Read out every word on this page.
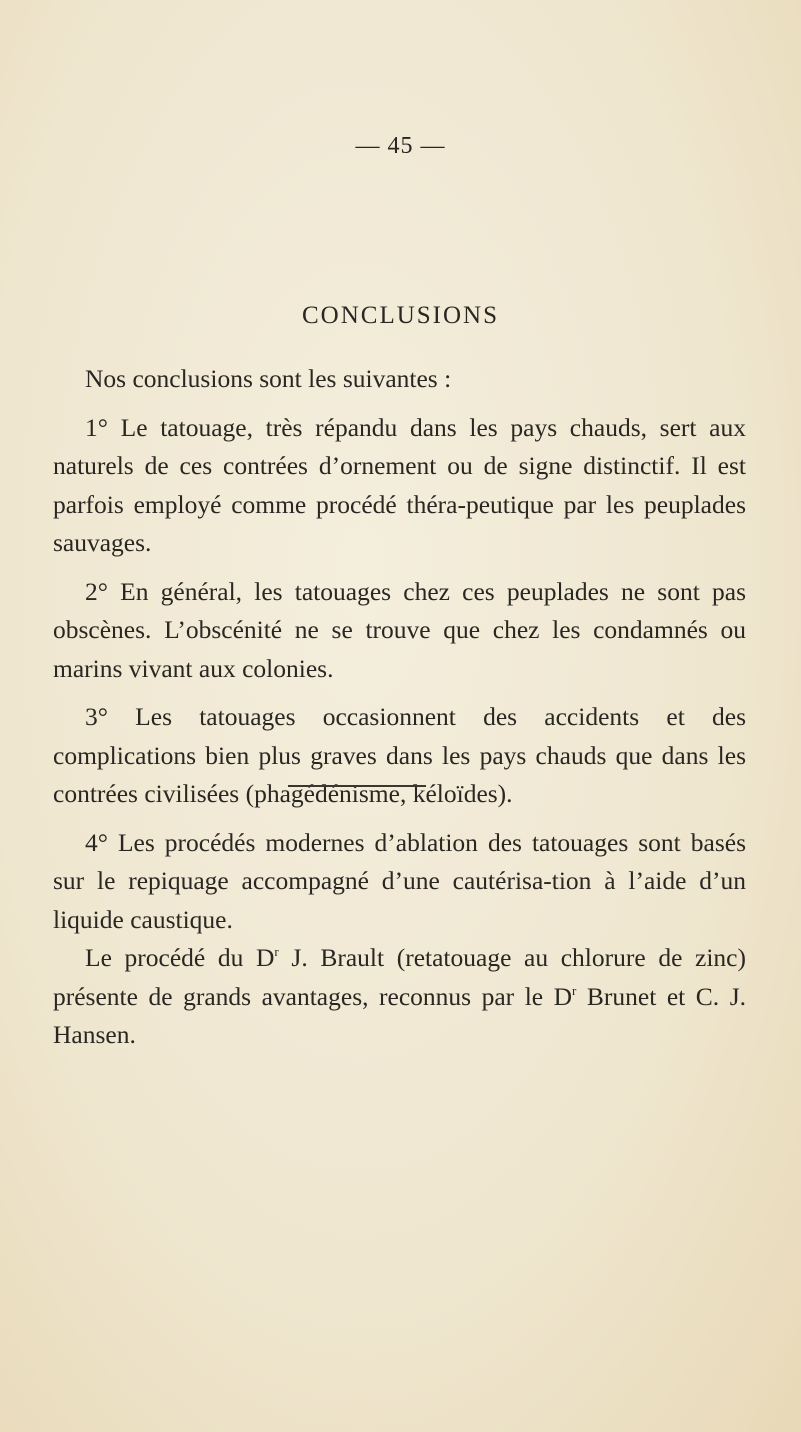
— 45 —
CONCLUSIONS

Nos conclusions sont les suivantes :

1° Le tatouage, très répandu dans les pays chauds, sert aux naturels de ces contrées d’ornement ou de signe distinctif. Il est parfois employé comme procédé théra-peutique par les peuplades sauvages.

2° En général, les tatouages chez ces peuplades ne sont pas obscènes. L’obscénité ne se trouve que chez les condamnés ou marins vivant aux colonies.

3° Les tatouages occasionnent des accidents et des complications bien plus graves dans les pays chauds que dans les contrées civilisées (phagédénisme, kéloïdes).

4° Les procédés modernes d’ablation des tatouages sont basés sur le repiquage accompagné d’une cautérisa-tion à l’aide d’un liquide caustique.

Le procédé du $D^r$ J. Brault (retatouage au chlorure de zinc) présente de grands avantages, reconnus par le $D^r$ Brunet et C. J. Hansen.
